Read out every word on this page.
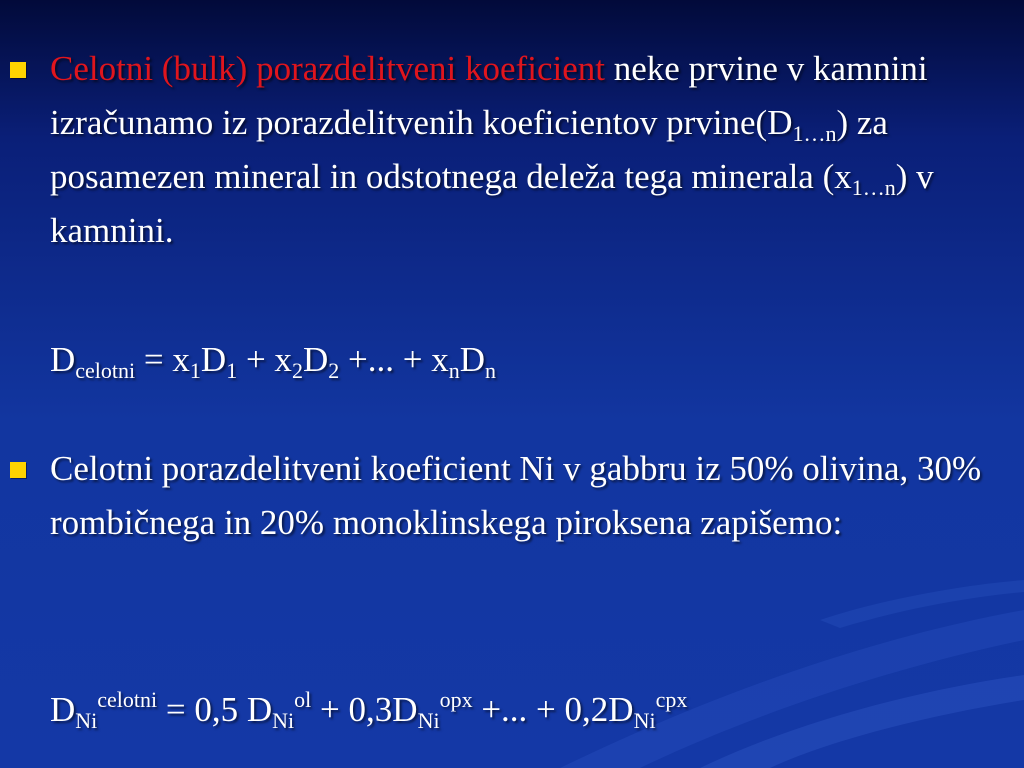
Celotni (bulk) porazdelitveni koeficient neke prvine v kamnini izračunamo iz porazdelitvenih koeficientov $prvine(D_{1\dots n})$ za posamezen mineral in odstotnega deleža tega minerala $(x_{1\dots n})$ v kamnini.
$D_{celotni} = x_1D_1 + x_2D_2$ +... + $x_nD_n$
Celotni porazdelitveni koeficient Ni v gabbru iz 50% olivina, 30% rombičnega in 20% monoklinskega piroksena zapišemo:
$D_{Ni}^{celotni} = 0,5$ $D_{Ni}^{ol} + 0,3D_{Ni}^{opx}$ +... + $0,2D_{Ni}^{cpx}$
